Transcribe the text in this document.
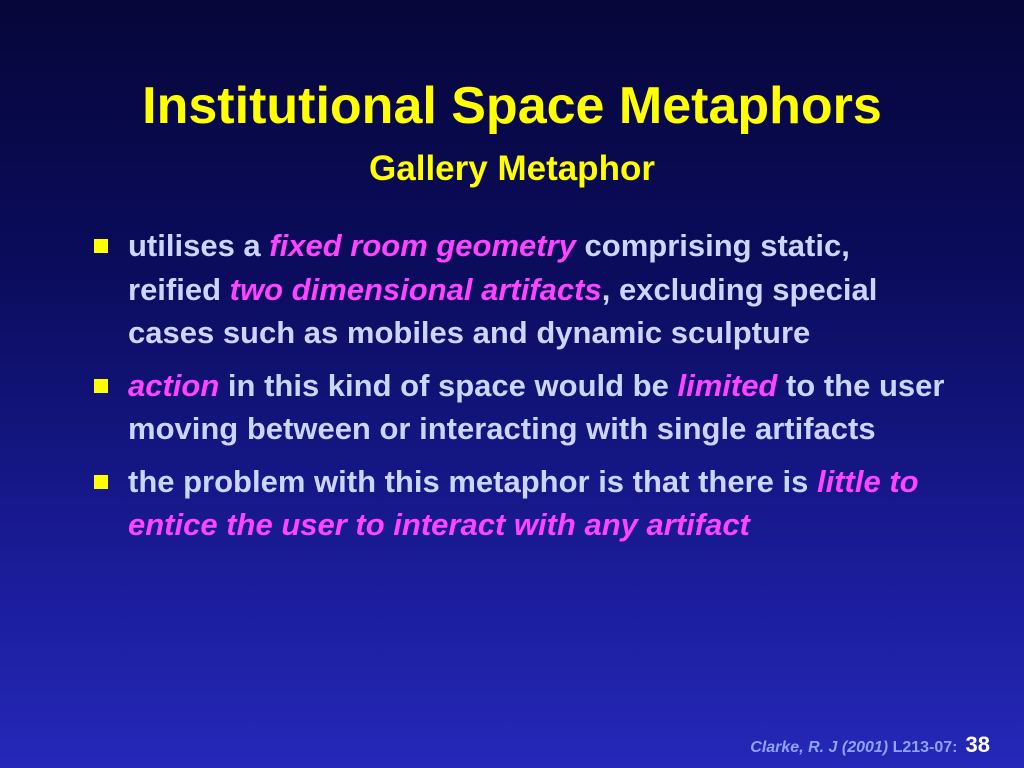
Institutional Space Metaphors
Gallery Metaphor
utilises a fixed room geometry comprising static, reified two dimensional artifacts, excluding special cases such as mobiles and dynamic sculpture
action in this kind of space would be limited to the user moving between or interacting with single artifacts
the problem with this metaphor is that there is little to entice the user to interact with any artifact
Clarke, R. J (2001) L213-07: 38
